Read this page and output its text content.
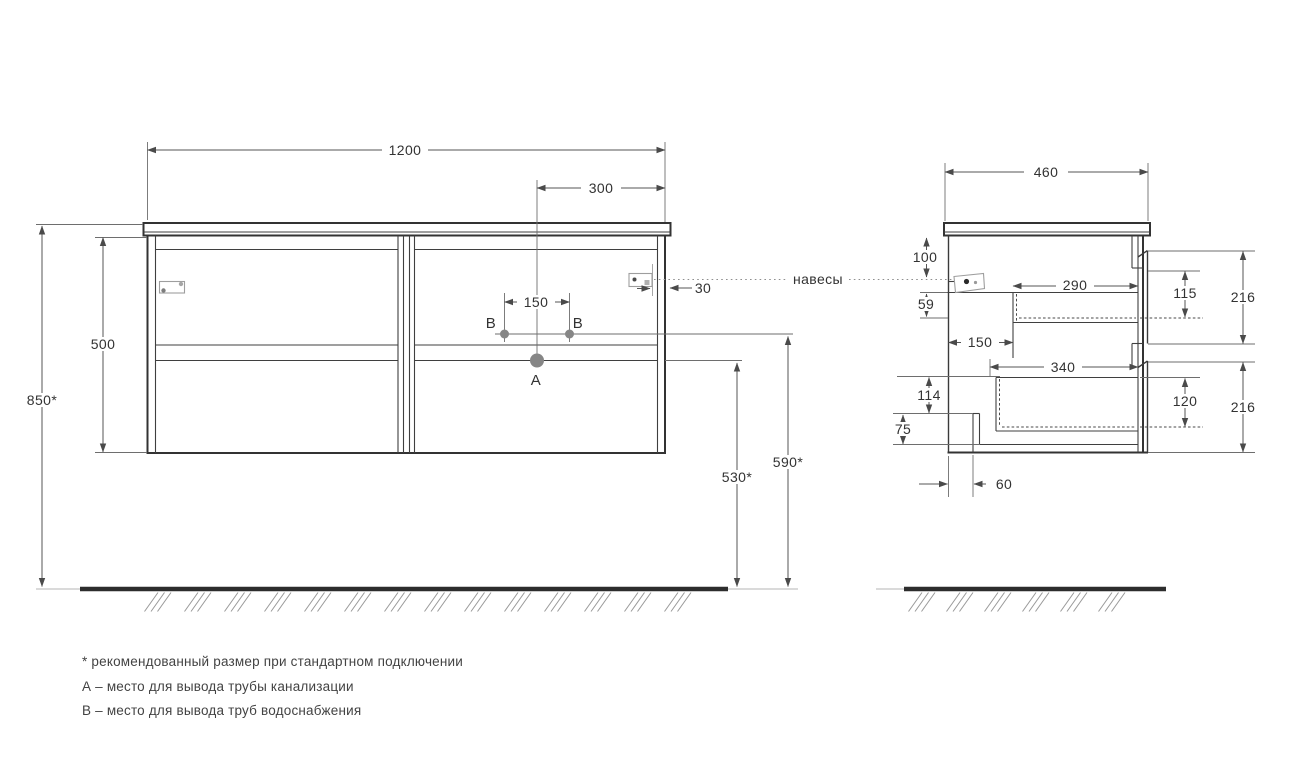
1200
300
150
500
850*
530*
590*
30
460
100
59
150
290	115 216
340
114
75
120 216
60
навесы
B	B
A
* рекомендованный размер при стандартном подключении
А – место для вывода трубы канализации
В – место для вывода труб водоснабжения
